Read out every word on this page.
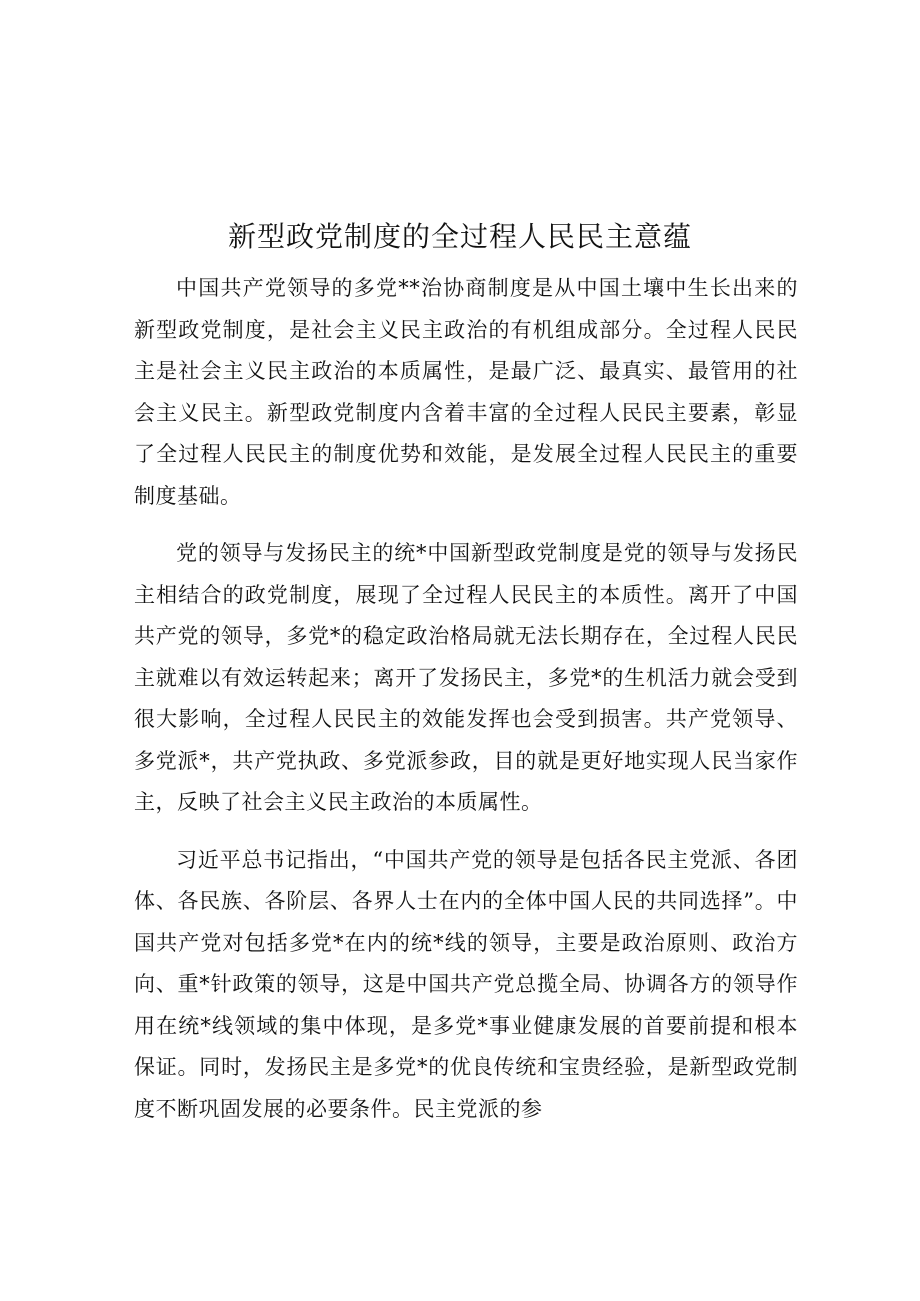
新型政党制度的全过程人民民主意蕴

中国共产党领导的多党**治协商制度是从中国土壤中生长出来的新型政党制度，是社会主义民主政治的有机组成部分。全过程人民民主是社会主义民主政治的本质属性，是最广泛、最真实、最管用的社会主义民主。新型政党制度内含着丰富的全过程人民民主要素，彰显了全过程人民民主的制度优势和效能，是发展全过程人民民主的重要制度基础。

党的领导与发扬民主的统*中国新型政党制度是党的领导与发扬民主相结合的政党制度，展现了全过程人民民主的本质性。离开了中国共产党的领导，多党*的稳定政治格局就无法长期存在，全过程人民民主就难以有效运转起来；离开了发扬民主，多党*的生机活力就会受到很大影响，全过程人民民主的效能发挥也会受到损害。共产党领导、多党派*，共产党执政、多党派参政，目的就是更好地实现人民当家作主，反映了社会主义民主政治的本质属性。

习近平总书记指出，“中国共产党的领导是包括各民主党派、各团体、各民族、各阶层、各界人士在内的全体中国人民的共同选择”。中国共产党对包括多党*在内的统*线的领导，主要是政治原则、政治方向、重*针政策的领导，这是中国共产党总揽全局、协调各方的领导作用在统*线领域的集中体现，是多党*事业健康发展的首要前提和根本保证。同时，发扬民主是多党*的优良传统和宝贵经验，是新型政党制度不断巩固发展的必要条件。民主党派的参
